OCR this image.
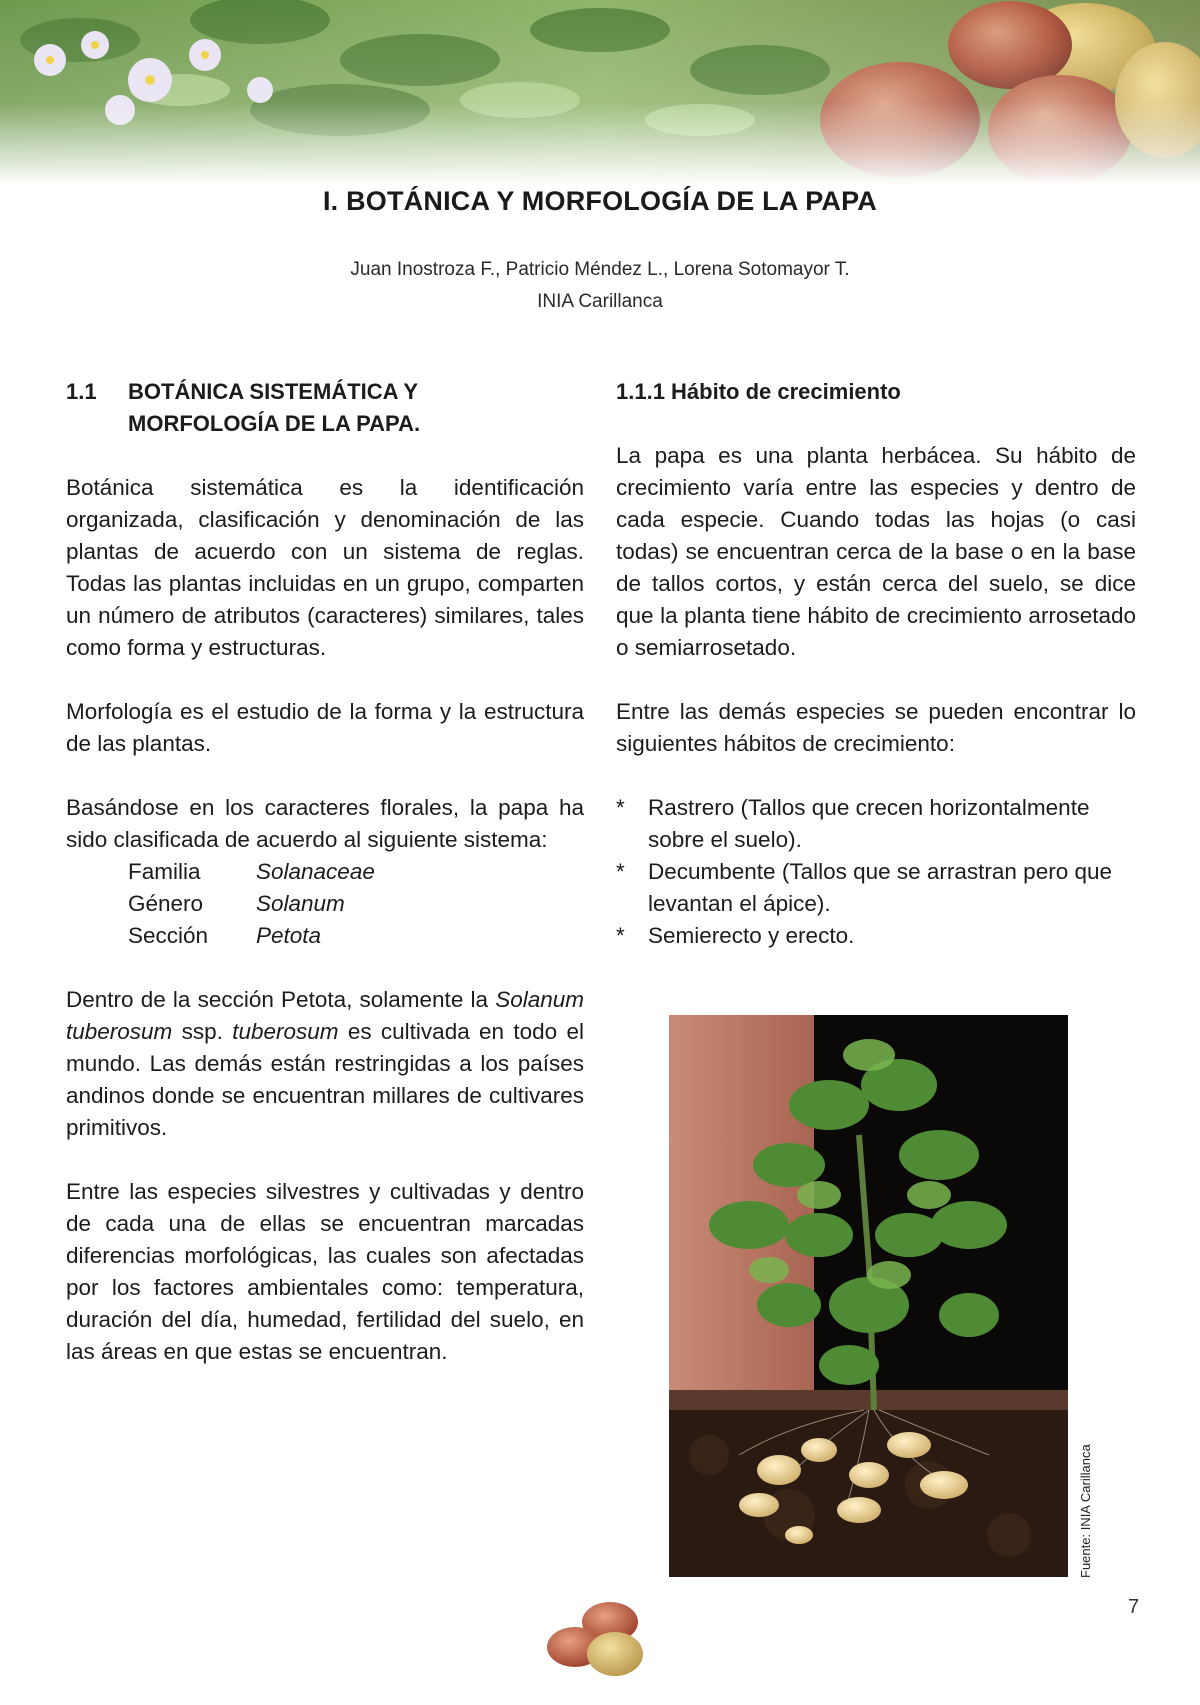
I. BOTÁNICA Y MORFOLOGÍA DE LA PAPA
Juan Inostroza F., Patricio Méndez L., Lorena Sotomayor T.
INIA Carillanca
1.1	BOTÁNICA SISTEMÁTICA Y
MORFOLOGÍA DE LA PAPA.

Botánica sistemática es la identificación organizada, clasificación y denominación de las plantas de acuerdo con un sistema de reglas. Todas las plantas incluidas en un grupo, comparten un número de atributos (caracteres) similares, tales como forma y estructuras.

Morfología es el estudio de la forma y la estructura de las plantas.

Basándose en los caracteres florales, la papa ha sido clasificada de acuerdo al siguiente sistema:

Familia	Solanaceae
Género	Solanum
Sección	Petota

Dentro de la sección Petota, solamente la Solanum tuberosum ssp. tuberosum es cultivada en todo el mundo. Las demás están restringidas a los países andinos donde se encuentran millares de cultivares primitivos.

Entre las especies silvestres y cultivadas y dentro de cada una de ellas se encuentran marcadas diferencias morfológicas, las cuales son afectadas por los factores ambientales como: temperatura, duración del día, humedad, fertilidad del suelo, en las áreas en que estas se encuentran.

1.1.1 Hábito de crecimiento

La papa es una planta herbácea. Su hábito de crecimiento varía entre las especies y dentro de cada especie. Cuando todas las hojas (o casi todas) se encuentran cerca de la base o en la base de tallos cortos, y están cerca del suelo, se dice que la planta tiene hábito de crecimiento arrosetado o semiarrosetado.

Entre las demás especies se pueden encontrar lo siguientes hábitos de crecimiento:

*	Rastrero (Tallos que crecen horizontalmente sobre el suelo).
*	Decumbente (Tallos que se arrastran pero que levantan el ápice).
*	Semierecto y erecto.
Fuente: INIA Carillanca
7
